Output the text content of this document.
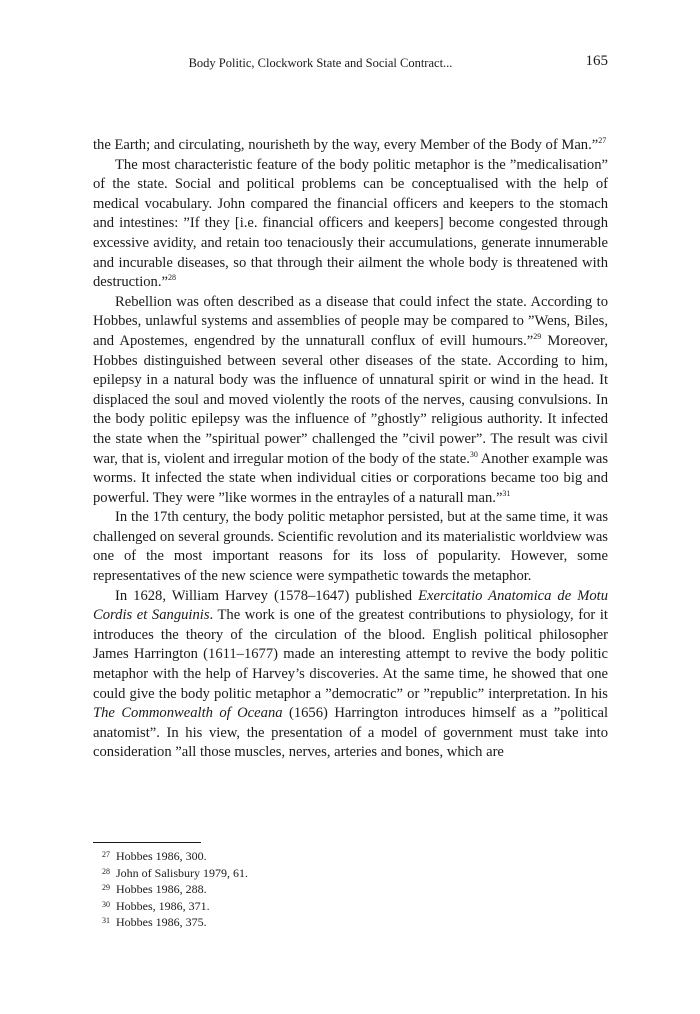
Body Politic, Clockwork State and Social Contract...	165

the Earth; and circulating, nourisheth by the way, every Member of the Body of Man.”$^{27}$

The most characteristic feature of the body politic metaphor is the ”medicalisation” of the state. Social and political problems can be conceptualised with the help of medical vocabulary. John compared the financial officers and keepers to the stomach and intestines: ”If they [i.e. financial officers and keepers] become congested through excessive avidity, and retain too tenaciously their accumulations, generate innumerable and incurable diseases, so that through their ailment the whole body is threatened with destruction.”$^{28}$

Rebellion was often described as a disease that could infect the state. According to Hobbes, unlawful systems and assemblies of people may be compared to ”Wens, Biles, and Apostemes, engendred by the unnaturall conflux of evill humours.”$^{29}$ Moreover, Hobbes distinguished between several other diseases of the state. According to him, epilepsy in a natural body was the influence of unnatural spirit or wind in the head. It displaced the soul and moved violently the roots of the nerves, causing convulsions. In the body politic epilepsy was the influence of ”ghostly” religious authority. It infected the state when the ”spiritual power” challenged the ”civil power”. The result was civil war, that is, violent and irregular motion of the body of the state.$^{30}$ Another example was worms. It infected the state when individual cities or corporations became too big and powerful. They were ”like wormes in the entrayles of a naturall man.”$^{31}$

In the 17th century, the body politic metaphor persisted, but at the same time, it was challenged on several grounds. Scientific revolution and its materialistic worldview was one of the most important reasons for its loss of popularity. However, some representatives of the new science were sympathetic towards the metaphor.

In 1628, William Harvey (1578–1647) published Exercitatio Anatomica de Motu Cordis et Sanguinis. The work is one of the greatest contributions to physiology, for it introduces the theory of the circulation of the blood. English political philosopher James Harrington (1611–1677) made an interesting attempt to revive the body politic metaphor with the help of Harvey’s discoveries. At the same time, he showed that one could give the body politic metaphor a ”democratic” or ”republic” interpretation. In his The Commonwealth of Oceana (1656) Harrington introduces himself as a ”political anatomist”. In his view, the presentation of a model of government must take into consideration ”all those muscles, nerves, arteries and bones, which are

27 Hobbes 1986, 300.
28 John of Salisbury 1979, 61.
29 Hobbes 1986, 288.
30 Hobbes, 1986, 371.
31 Hobbes 1986, 375.
